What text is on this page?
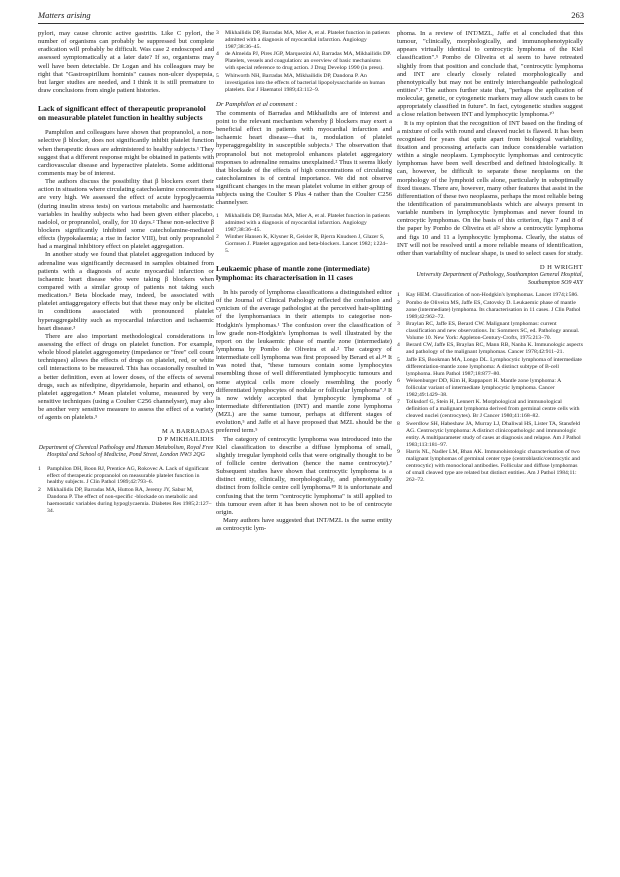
Matters arising	263

pylori, may cause chronic active gastritis. Like C pylori, the number of organisms can probably be suppressed but complete eradication will probably be difficult. Was case 2 endoscoped and assessed symptomatically at a later date? If so, organisms may well have been detectable. Dr Logan and his colleagues may be right that "Gastrospirillum hominis" causes non-ulcer dyspepsia, but larger studies are needed, and I think it is still premature to draw conclusions from single patient histories.

Lack of significant effect of therapeutic propranolol on measurable platelet function in healthy subjects

Pamphilon and colleagues have shown that propranolol, a non-selective β blocker, does not significantly inhibit platelet function when therapeutic doses are administered to healthy subjects.¹ They suggest that a different response might be obtained in patients with cardiovascular disease and hyperactive platelets. Some additional comments may be of interest.

The authors discuss the possibility that β blockers exert their action in situations where circulating catecholamine concentrations are very high. We assessed the effect of acute hypoglycaemia (during insulin stress tests) on various metabolic and haemostatic variables in healthy subjects who had been given either placebo, nadolol, or propranolol, orally, for 10 days.² These non-selective β blockers significantly inhibited some catecholamine-mediated effects (hypokalaemia; a rise in factor VIII), but only propranolol had a marginal inhibitory effect on platelet aggregation.

In another study we found that platelet aggregation induced by adrenaline was significantly decreased in samples obtained from patients with a diagnosis of acute myocardial infarction or ischaemic heart disease who were taking β blockers when compared with a similar group of patients not taking such medication.³ Beta blockade may, indeed, be associated with platelet antiaggregatory effects but that these may only be elicited in conditions associated with pronounced platelet hyperaggregability such as myocardial infarction and ischaemic heart disease.³

There are also important methodological considerations in assessing the effect of drugs on platelet function. For example, whole blood platelet aggregometry (impedance or "free" cell count techniques) allows the effects of drugs on platelet, red, or white cell interactions to be measured. This has occasionally resulted in a better definition, even at lower doses, of the effects of several drugs, such as nifedipine, dipyridamole, heparin and ethanol, on platelet aggregation.⁴ Mean platelet volume, measured by very sensitive techniques (using a Coulter C256 channelyser), may also be another very sensitive measure to assess the effect of a variety of agents on platelets.⁵

M A BARRADAS
D P MIKHAILIDIS
Department of Chemical Pathology and Human Metabolism, Royal Free Hospital and School of Medicine, Pond Street, London NW3 2QG
1 Pamphilon DH, Boon RJ, Prentice AG, Rokovec A. Lack of significant effect of therapeutic propranolol on measurable platelet function in healthy subjects. J Clin Pathol 1989;42:793–6.
2 Mikhailidis DP, Barradas MA, Hutton RA, Jeremy JY, Sabur M, Dandona P. The effect of non-specific -blockade on metabolic and haemostatic variables during hypoglycaemia. Diabetes Res 1985;2:127–34.
3 Mikhailidis DP, Barradas MA, Mier A, et al. Platelet function in patients admitted with a diagnosis of myocardial infarction. Angiology 1987;38:36–45.
4 de Almeida PJ, Pires JGP, Marquezini AJ, Barradas MA, Mikhailidis DP. Platelets, vessels and coagulation: an overview of basic mechanisms with special reference to drug action. J Drug Develop 1990 (in press).
5 Whitworth NH, Barradas MA, Mikhailidis DP, Dandona P. An investigation into the effects of bacterial lipopolysaccharide on human platelets. Eur J Haematol 1989;43:112–9.
Dr Pamphilon et al comment :

The comments of Barradas and Mikhailidis are of interest and point to the relevant mechanism whereby β blockers may exert a beneficial effect in patients with myocardial infarction and ischaemic heart disease—that is, modulation of platelet hyperaggregability in susceptible subjects.¹ The observation that propranolol but not metoprolol enhances platelet aggregatory responses to adrenaline remains unexplained.² Thus it seems likely that blockade of the effects of high concentrations of circulating catecholamines is of central importance. We did not observe significant changes in the mean platelet volume in either group of subjects using the Coulter S Plus 4 rather than the Coulter C256 channelyser.

1 Mikhailidis DP, Barradas MA, Mier A, et al. Platelet function in patients admitted with a diagnosis of myocardial infarction. Angiology 1987;38:36–45.
2 Winther Hansen K, Klysner R, Geisler R, Bjerra Knudsen J, Glazer S, Gormsen J. Platelet aggregation and beta-blockers. Lancet 1982; i:224–5.
Leukaemic phase of mantle zone (intermediate) lymphoma: its characterisation in 11 cases

In his parody of lymphoma classifications a distinguished editor of the Journal of Clinical Pathology reflected the confusion and cynicism of the average pathologist at the perceived hair-splitting of the lymphomaniacs in their attempts to categorise non-Hodgkin's lymphomas.¹ The confusion over the classification of low grade non-Hodgkin's lymphomas is well illustrated by the report on the leukaemic phase of mantle zone (intermediate) lymphoma by Pombo de Oliveira et al.² The category of intermediate cell lymphoma was first proposed by Berard et al.³⁴ It was noted that, "these tumours contain some lymphocytes resembling those of well differentiated lymphocytic tumours and some atypical cells more closely resembling the poorly differentiated lymphocytes of nodular or follicular lymphoma".³ It is now widely accepted that lymphocytic lymphoma of intermediate differentiation (INT) and mantle zone lymphoma (MZL) are the same tumour, perhaps at different stages of evolution,⁵ and Jaffe et al have proposed that MZL should be the preferred term.⁵

The category of centrocytic lymphoma was introduced into the Kiel classification to describe a diffuse lymphoma of small, slightly irregular lymphoid cells that were originally thought to be of follicle centre derivation (hence the name centrocyte).⁷ Subsequent studies have shown that centrocytic lymphoma is a distinct entity, clinically, morphologically, and phenotypically distinct from follicle centre cell lymphoma.⁸⁹ It is unfortunate and confusing that the term "centrocytic lymphoma" is still applied to this tumour even after it has been shown not to be of centrocyte origin.

Many authors have suggested that INT/MZL is the same entity as centrocytic lym-

phoma. In a review of INT/MZL, Jaffe et al concluded that this tumour, "clinically, morphologically, and immunophenotypically appears virtually identical to centrocytic lymphoma of the Kiel classification".⁵ Pombo de Oliveira et al seem to have retreated slightly from that position and conclude that, "centrocytic lymphoma and INT are clearly closely related morphologically and phenotypically but may not be entirely interchangeable pathological entities".² The authors further state that, "perhaps the application of molecular, genetic, or cytogenetic markers may allow such cases to be appropriately classified in future". In fact, cytogenetic studies suggest a close relation between INT and lymphocytic lymphoma.¹⁰

It is my opinion that the recognition of INT based on the finding of a mixture of cells with round and cleaved nuclei is flawed. It has been recognised for years that quite apart from biological variability, fixation and processing artefacts can induce considerable variation within a single neoplasm. Lymphocytic lymphomas and centrocytic lymphomas have been well described and defined histologically. It can, however, be difficult to separate these neoplasms on the morphology of the lymphoid cells alone, particularly in suboptimally fixed tissues. There are, however, many other features that assist in the differentiation of these two neoplasms, perhaps the most reliable being the identification of paraimmunoblasts which are always present in variable numbers in lymphocytic lymphomas and never found in centrocytic lymphomas. On the basis of this criterion, figs 7 and 8 of the paper by Pombo de Oliveira et al² show a centrocytic lymphoma and figs 10 and 11 a lymphocytic lymphoma. Clearly, the status of INT will not be resolved until a more reliable means of identification, other than variability of nuclear shape, is used to select cases for study.

D H WRIGHT
University Department of Pathology, Southampton General Hospital, Southampton SO9 4XY
1 Kay HEM. Classification of non-Hodgkin's lymphomas. Lancet 1974;i:586.
2 Pombo de Oliveira MS, Jaffe ES, Catovsky D. Leukaemic phase of mantle zone (intermediate) lymphoma. Its characterisation in 11 cases. J Clin Pathol 1989;42:962–72.
3 Braylan RC, Jaffe ES, Berard CW. Malignant lymphomas: current classification and new observations. In: Sommers SC, ed. Pathology annual. Volume 10. New York: Appleton-Century-Crofts, 1975:213–70.
4 Berard CW, Jaffe ES, Braylan RC, Mann RB, Nanba K. Immunologic aspects and pathology of the malignant lymphomas. Cancer 1978;42:911–21.
5 Jaffe ES, Bookman MA, Longo DL. Lymphocytic lymphoma of intermediate differentiation-mantle zone lymphoma: A distinct subtype of B-cell lymphoma. Hum Pathol 1987;18:877–80.
6 Weisenburger DD, Kim H, Rappaport H. Mantle zone lymphoma: A follicular variant of intermediate lymphocytic lymphoma. Cancer 1982;49:1429–38.
7 Tolksdorf G, Stein H, Lennert K. Morphological and immunological definition of a malignant lymphoma derived from germinal centre cells with cleaved nuclei (centrocytes). Br J Cancer 1980;41:168–82.
8 Swerdlow SH, Habeshaw JA, Murray LJ, Dhaliwal HS, Lister TA, Stansfeld AG. Centrocytic lymphoma: A distinct clinicopathologic and immunologic entity. A multiparameter study of cases at diagnosis and relapse. Am J Pathol 1983;113:181–97.
9 Harris NL, Nadler LM, Bhan AK. Immunohistologic characterisation of two malignant lymphomas of germinal center type (centroblastic/centrocytic and centrocytic) with monoclonal antibodies. Follicular and diffuse lymphomas of small cleaved type are related but distinct entities. Am J Pathol 1984;11: 262–72.
